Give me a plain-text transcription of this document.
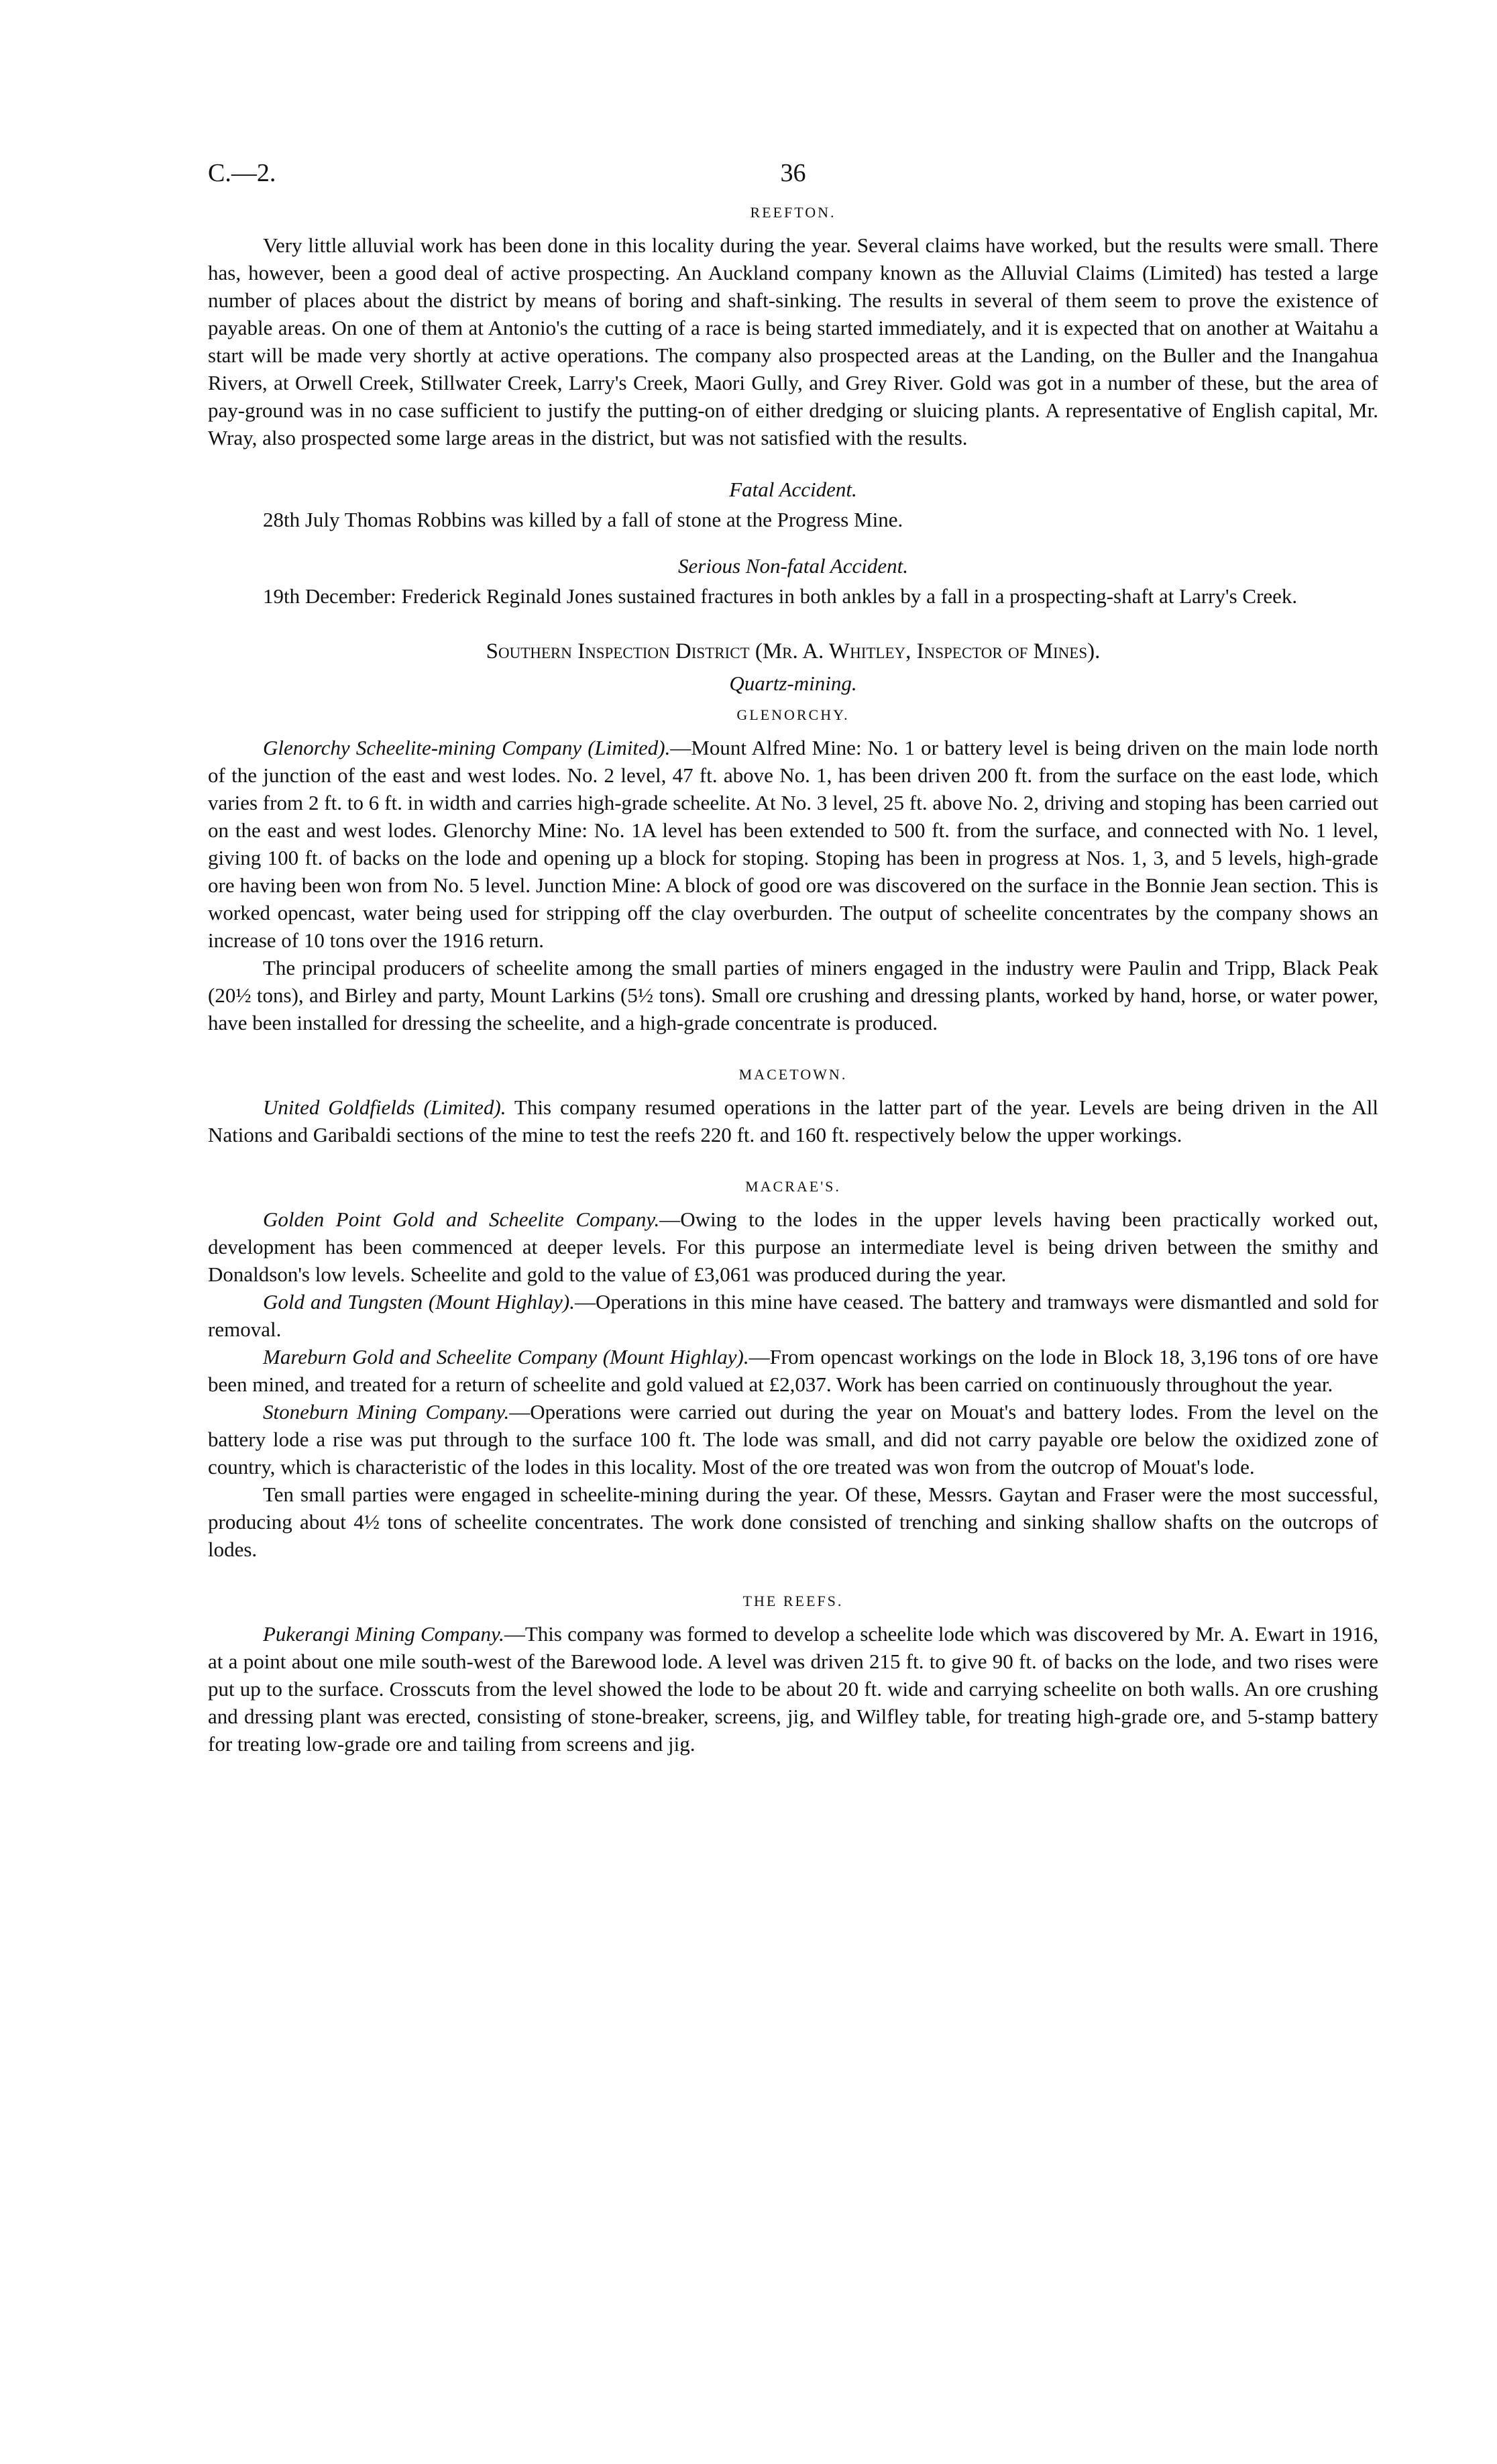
C.—2.	36
REEFTON.

Very little alluvial work has been done in this locality during the year. Several claims have worked, but the results were small. There has, however, been a good deal of active prospecting. An Auckland company known as the Alluvial Claims (Limited) has tested a large number of places about the district by means of boring and shaft-sinking. The results in several of them seem to prove the existence of payable areas. On one of them at Antonio's the cutting of a race is being started immediately, and it is expected that on another at Waitahu a start will be made very shortly at active operations. The company also prospected areas at the Landing, on the Buller and the Inangahua Rivers, at Orwell Creek, Stillwater Creek, Larry's Creek, Maori Gully, and Grey River. Gold was got in a number of these, but the area of pay-ground was in no case sufficient to justify the putting-on of either dredging or sluicing plants. A representative of English capital, Mr. Wray, also prospected some large areas in the district, but was not satisfied with the results.

Fatal Accident.

28th July Thomas Robbins was killed by a fall of stone at the Progress Mine.

Serious Non-fatal Accident.

19th December: Frederick Reginald Jones sustained fractures in both ankles by a fall in a prospecting-shaft at Larry's Creek.

Southern Inspection District (Mr. A. Whitley, Inspector of Mines).
Quartz-mining.
GLENORCHY.

Glenorchy Scheelite-mining Company (Limited).—Mount Alfred Mine: No. 1 or battery level is being driven on the main lode north of the junction of the east and west lodes. No. 2 level, 47 ft. above No. 1, has been driven 200 ft. from the surface on the east lode, which varies from 2 ft. to 6 ft. in width and carries high-grade scheelite. At No. 3 level, 25 ft. above No. 2, driving and stoping has been carried out on the east and west lodes. Glenorchy Mine: No. 1A level has been extended to 500 ft. from the surface, and connected with No. 1 level, giving 100 ft. of backs on the lode and opening up a block for stoping. Stoping has been in progress at Nos. 1, 3, and 5 levels, high-grade ore having been won from No. 5 level. Junction Mine: A block of good ore was discovered on the surface in the Bonnie Jean section. This is worked opencast, water being used for stripping off the clay overburden. The output of scheelite concentrates by the company shows an increase of 10 tons over the 1916 return.

The principal producers of scheelite among the small parties of miners engaged in the industry were Paulin and Tripp, Black Peak (20½ tons), and Birley and party, Mount Larkins (5½ tons). Small ore crushing and dressing plants, worked by hand, horse, or water power, have been installed for dressing the scheelite, and a high-grade concentrate is produced.

MACETOWN.

United Goldfields (Limited). This company resumed operations in the latter part of the year. Levels are being driven in the All Nations and Garibaldi sections of the mine to test the reefs 220 ft. and 160 ft. respectively below the upper workings.

MACRAE'S.

Golden Point Gold and Scheelite Company.—Owing to the lodes in the upper levels having been practically worked out, development has been commenced at deeper levels. For this purpose an intermediate level is being driven between the smithy and Donaldson's low levels. Scheelite and gold to the value of £3,061 was produced during the year.

Gold and Tungsten (Mount Highlay).—Operations in this mine have ceased. The battery and tramways were dismantled and sold for removal.

Mareburn Gold and Scheelite Company (Mount Highlay).—From opencast workings on the lode in Block 18, 3,196 tons of ore have been mined, and treated for a return of scheelite and gold valued at £2,037. Work has been carried on continuously throughout the year.

Stoneburn Mining Company.—Operations were carried out during the year on Mouat's and battery lodes. From the level on the battery lode a rise was put through to the surface 100 ft. The lode was small, and did not carry payable ore below the oxidized zone of country, which is characteristic of the lodes in this locality. Most of the ore treated was won from the outcrop of Mouat's lode.

Ten small parties were engaged in scheelite-mining during the year. Of these, Messrs. Gaytan and Fraser were the most successful, producing about 4½ tons of scheelite concentrates. The work done consisted of trenching and sinking shallow shafts on the outcrops of lodes.

THE REEFS.

Pukerangi Mining Company.—This company was formed to develop a scheelite lode which was discovered by Mr. A. Ewart in 1916, at a point about one mile south-west of the Barewood lode. A level was driven 215 ft. to give 90 ft. of backs on the lode, and two rises were put up to the surface. Crosscuts from the level showed the lode to be about 20 ft. wide and carrying scheelite on both walls. An ore crushing and dressing plant was erected, consisting of stone-breaker, screens, jig, and Wilfley table, for treating high-grade ore, and 5-stamp battery for treating low-grade ore and tailing from screens and jig.
